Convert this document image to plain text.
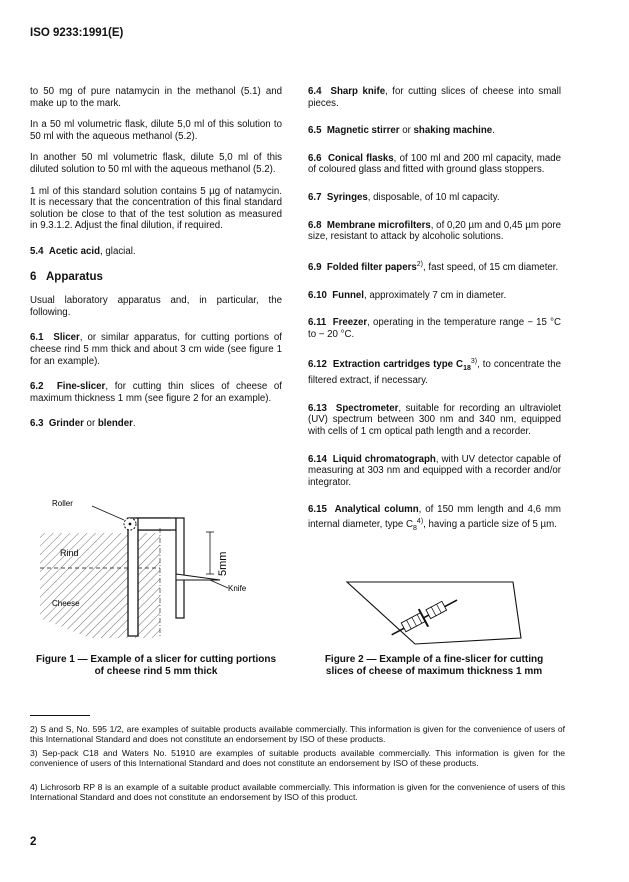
ISO 9233:1991(E)

to 50 mg of pure natamycin in the methanol (5.1) and make up to the mark.

In a 50 ml volumetric flask, dilute 5,0 ml of this solution to 50 ml with the aqueous methanol (5.2).

In another 50 ml volumetric flask, dilute 5,0 ml of this diluted solution to 50 ml with the aqueous methanol (5.2).

1 ml of this standard solution contains 5 µg of natamycin. It is necessary that the concentration of this final standard solution be close to that of the test solution as measured in 9.3.1.2. Adjust the final dilution, if required.

5.4 Acetic acid, glacial.

6 Apparatus

Usual laboratory apparatus and, in particular, the following.

6.1 Slicer, or similar apparatus, for cutting portions of cheese rind 5 mm thick and about 3 cm wide (see figure 1 for an example).

6.2 Fine-slicer, for cutting thin slices of cheese of maximum thickness 1 mm (see figure 2 for an example).

6.3 Grinder or blender.

6.4 Sharp knife, for cutting slices of cheese into small pieces.

6.5 Magnetic stirrer or shaking machine.

6.6 Conical flasks, of 100 ml and 200 ml capacity, made of coloured glass and fitted with ground glass stoppers.

6.7 Syringes, disposable, of 10 ml capacity.

6.8 Membrane microfilters, of 0,20 µm and 0,45 µm pore size, resistant to attack by alcoholic solutions.

6.9 Folded filter papers$^{2)}$, fast speed, of 15 cm diameter.

6.10 Funnel, approximately 7 cm in diameter.

6.11 Freezer, operating in the temperature range − 15 °C to − 20 °C.

6.12 Extraction cartridges type $C_{18}^{3)}$, to concentrate the filtered extract, if necessary.

6.13 Spectrometer, suitable for recording an ultraviolet (UV) spectrum between 300 nm and 340 nm, equipped with cells of 1 cm optical path length and a recorder.

6.14 Liquid chromatograph, with UV detector capable of measuring at 303 nm and equipped with a recorder and/or integrator.

6.15 Analytical column, of 150 mm length and 4,6 mm internal diameter, type $C_8^{4)}$, having a particle size of 5 µm.

Roller
Rind
Cheese
Knife
5mm
Figure 1 — Example of a slicer for cutting portions
of cheese rind 5 mm thick
Figure 2 — Example of a fine-slicer for cutting
slices of cheese of maximum thickness 1 mm
2) S and S, No. 595 1/2, are examples of suitable products available commercially. This information is given for the convenience of users of this International Standard and does not constitute an endorsement by ISO of these products.
3) Sep-pack C18 and Waters No. 51910 are examples of suitable products available commercially. This information is given for the convenience of users of this International Standard and does not constitute an endorsement by ISO of these products.
4) Lichrosorb RP 8 is an example of a suitable product available commercially. This information is given for the convenience of users of this International Standard and does not constitute an endorsement by ISO of this product.
2
